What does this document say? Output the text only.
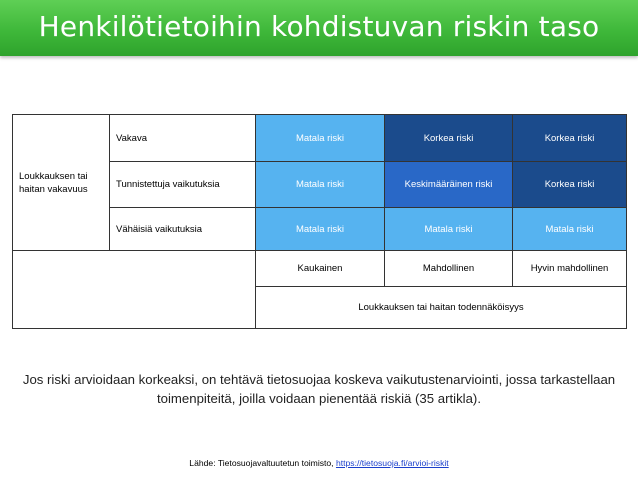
Henkilötietoihin kohdistuvan riskin taso
Loukkauksen tai haitan vakavuus	Vakava	Matala riski	Korkea riski	Korkea riski
	Tunnistettuja vaikutuksia	Matala riski	Keskimääräinen riski	Korkea riski
	Vähäisiä vaikutuksia	Matala riski	Matala riski	Matala riski
		Kaukainen	Mahdollinen	Hyvin mahdollinen
		Loukkauksen tai haitan todennäköisyys		
Jos riski arvioidaan korkeaksi, on tehtävä tietosuojaa koskeva vaikutustenarviointi, jossa tarkastellaan toimenpiteitä, joilla voidaan pienentää riskiä (35 artikla).
Lähde: Tietosuojavaltuutetun toimisto, https://tietosuoja.fi/arvioi-riskit
